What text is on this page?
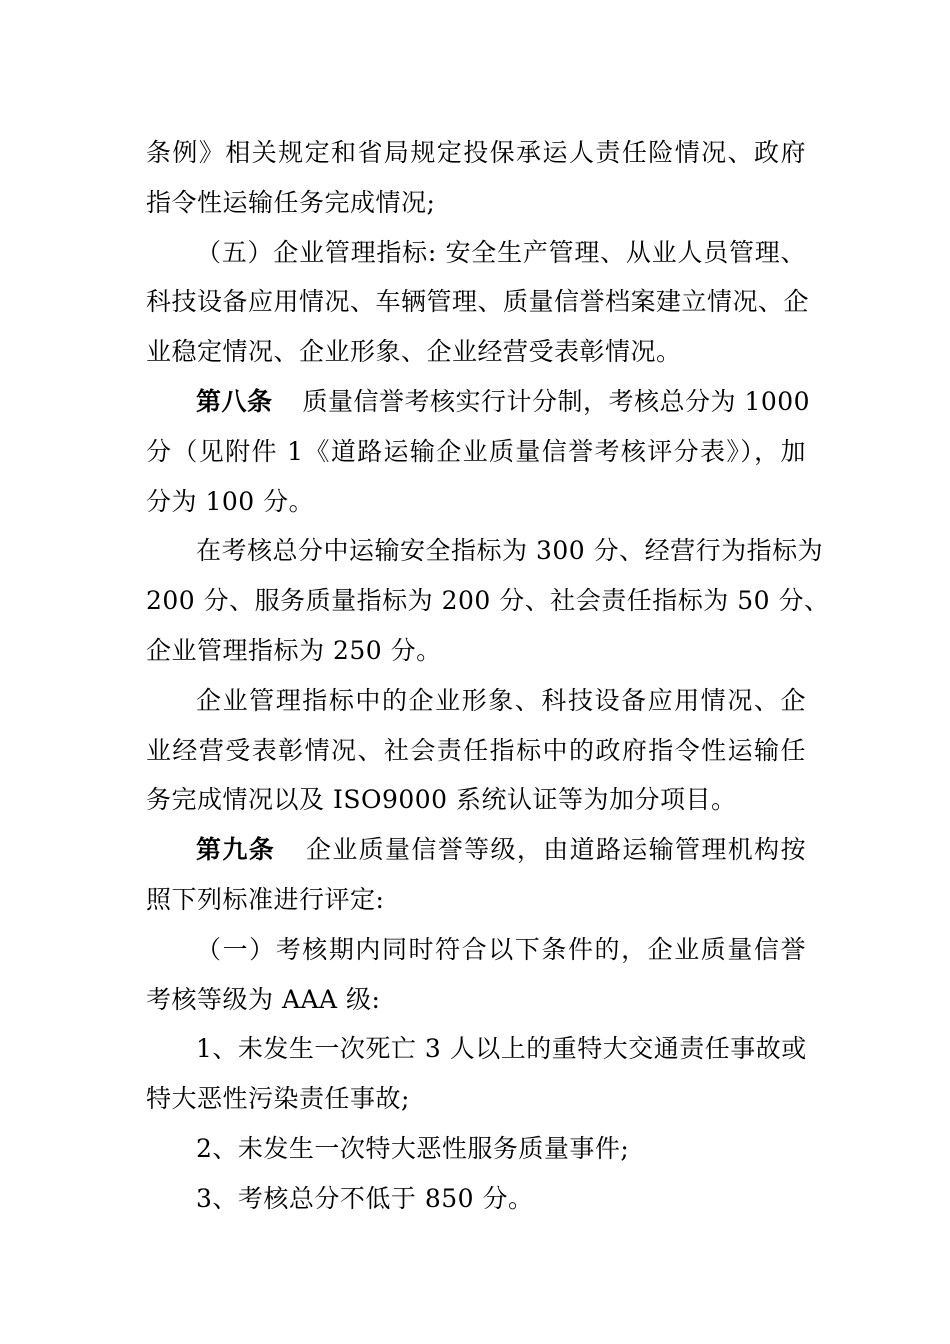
条例》相关规定和省局规定投保承运人责任险情况、政府
指令性运输任务完成情况;
（五）企业管理指标: 安全生产管理、从业人员管理、
科技设备应用情况、车辆管理、质量信誉档案建立情况、企
业稳定情况、企业形象、企业经营受表彰情况。
第八条 质量信誉考核实行计分制，考核总分为 1000
分（见附件 1《道路运输企业质量信誉考核评分表》），加
分为 100 分。
在考核总分中运输安全指标为 300 分、经营行为指标为
200 分、服务质量指标为 200 分、社会责任指标为 50 分、
企业管理指标为 250 分。
企业管理指标中的企业形象、科技设备应用情况、企
业经营受表彰情况、社会责任指标中的政府指令性运输任
务完成情况以及 ISO9000 系统认证等为加分项目。
第九条 企业质量信誉等级，由道路运输管理机构按
照下列标准进行评定:
（一）考核期内同时符合以下条件的，企业质量信誉
考核等级为 AAA 级:
1、未发生一次死亡 3 人以上的重特大交通责任事故或
特大恶性污染责任事故;
2、未发生一次特大恶性服务质量事件;
3、考核总分不低于 850 分。
